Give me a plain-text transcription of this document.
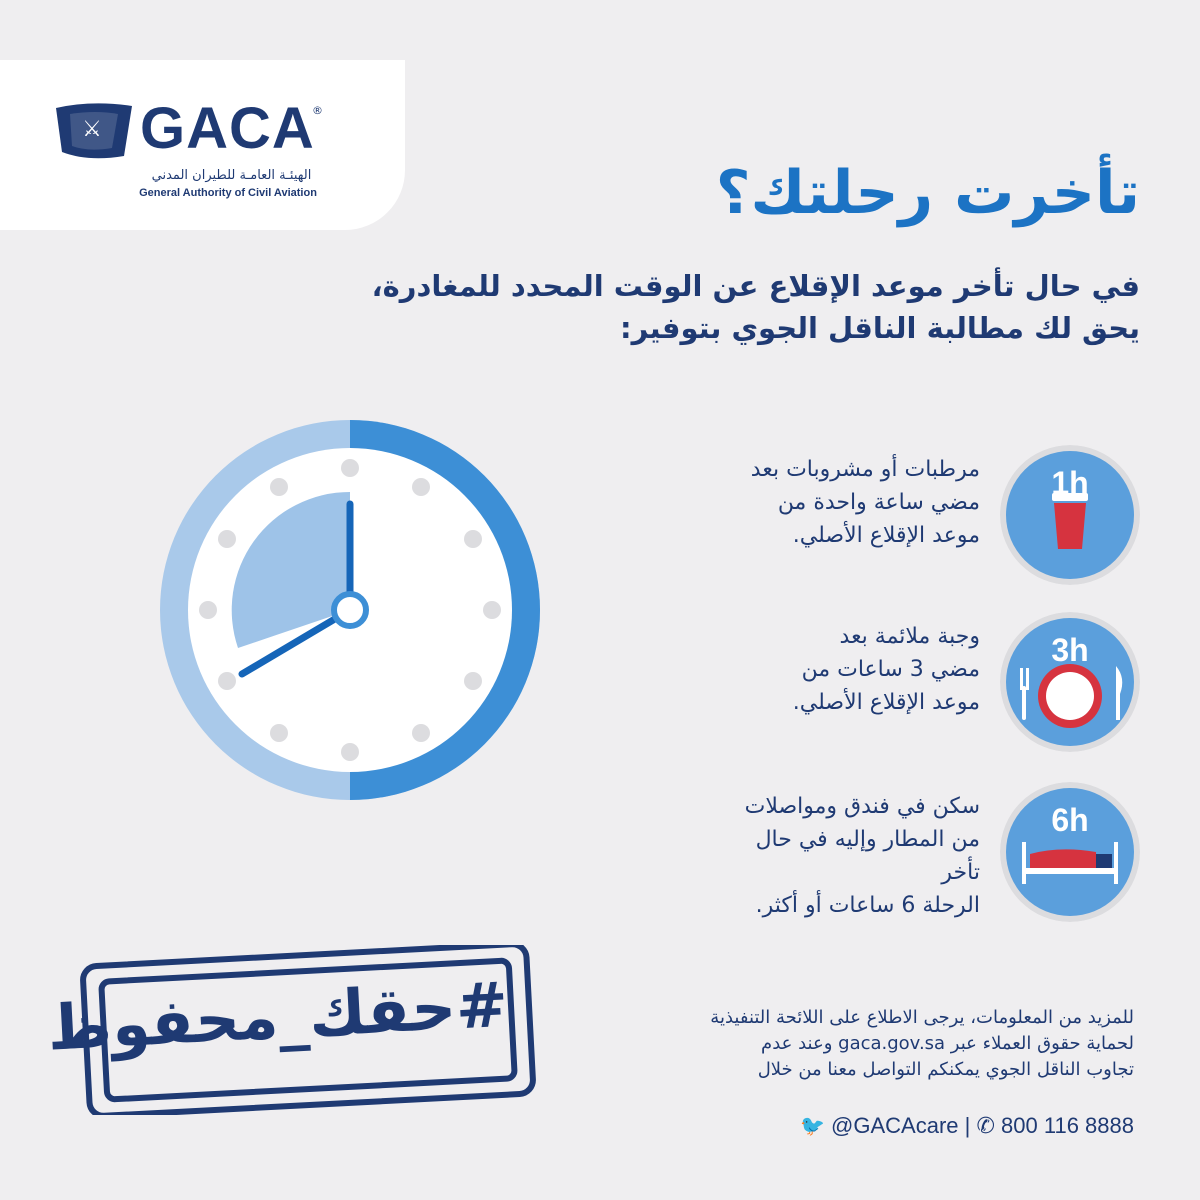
⚔ GACA
®
الهيئـة العامـة للطيران المدني
General Authority of Civil Aviation	تأخرت رحلتك؟
في حال تأخر موعد الإقلاع عن الوقت المحدد للمغادرة،
يحق لك مطالبة الناقل الجوي بتوفير:
1h
مرطبات أو مشروبات بعد
مضي ساعة واحدة من
موعد الإقلاع الأصلي.
3h
وجبة ملائمة بعد
مضي 3 ساعات من
موعد الإقلاع الأصلي.
6h
سكن في فندق ومواصلات
من المطار وإليه في حال تأخر
الرحلة 6 ساعات أو أكثر.
#حقك_محفوظ	للمزيد من المعلومات، يرجى الاطلاع على اللائحة التنفيذية
لحماية حقوق العملاء عبر gaca.gov.sa وعند عدم
تجاوب الناقل الجوي يمكنكم التواصل معنا من خلال
🐦 @GACAcare | ✆ 800 116 8888
